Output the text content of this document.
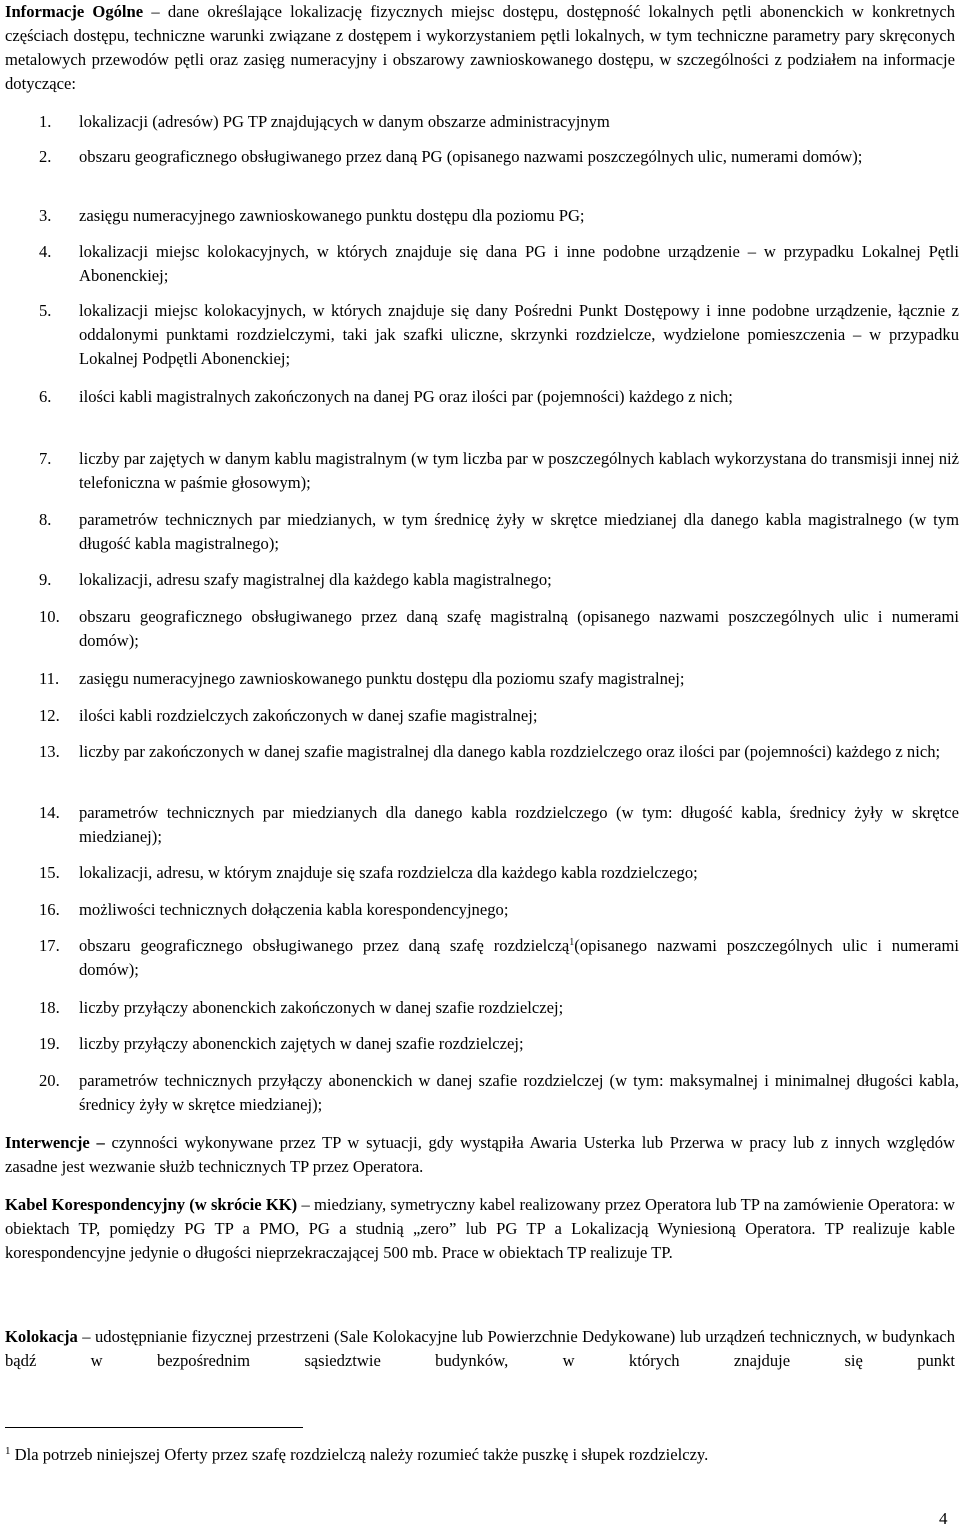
Informacje Ogólne – dane określające lokalizację fizycznych miejsc dostępu, dostępność lokalnych pętli abonenckich w konkretnych częściach dostępu, techniczne warunki związane z dostępem i wykorzystaniem pętli lokalnych, w tym techniczne parametry pary skręconych metalowych przewodów pętli oraz zasięg numeracyjny i obszarowy zawnioskowanego dostępu, w szczególności z podziałem na informacje dotyczące:
1.	lokalizacji (adresów) PG TP znajdujących w danym obszarze administracyjnym
2.	obszaru geograficznego obsługiwanego przez daną PG (opisanego nazwami poszczególnych ulic, numerami domów);
3.	zasięgu numeracyjnego zawnioskowanego punktu dostępu dla poziomu PG;
4.	lokalizacji miejsc kolokacyjnych, w których znajduje się dana PG i inne podobne urządzenie – w przypadku Lokalnej Pętli Abonenckiej;
5.	lokalizacji miejsc kolokacyjnych, w których znajduje się dany Pośredni Punkt Dostępowy i inne podobne urządzenie, łącznie z oddalonymi punktami rozdzielczymi, taki jak szafki uliczne, skrzynki rozdzielcze, wydzielone pomieszczenia – w przypadku Lokalnej Podpętli Abonenckiej;
6.	ilości kabli magistralnych zakończonych na danej PG oraz ilości par (pojemności) każdego z nich;
7.	liczby par zajętych w danym kablu magistralnym (w tym liczba par w poszczególnych kablach wykorzystana do transmisji innej niż telefoniczna w paśmie głosowym);
8.	parametrów technicznych par miedzianych, w tym średnicę żyły w skrętce miedzianej dla danego kabla magistralnego (w tym długość kabla magistralnego);
9.	lokalizacji, adresu szafy magistralnej dla każdego kabla magistralnego;
10.	obszaru geograficznego obsługiwanego przez daną szafę magistralną (opisanego nazwami poszczególnych ulic i numerami domów);
11.	zasięgu numeracyjnego zawnioskowanego punktu dostępu dla poziomu szafy magistralnej;
12.	ilości kabli rozdzielczych zakończonych w danej szafie magistralnej;
13.	liczby par zakończonych w danej szafie magistralnej dla danego kabla rozdzielczego oraz ilości par (pojemności) każdego z nich;
14.	parametrów technicznych par miedzianych dla danego kabla rozdzielczego (w tym: długość kabla, średnicy żyły w skrętce miedzianej);
15.	lokalizacji, adresu, w którym znajduje się szafa rozdzielcza dla każdego kabla rozdzielczego;
16.	możliwości technicznych dołączenia kabla korespondencyjnego;
17.	obszaru geograficznego obsługiwanego przez daną szafę rozdzielczą$^1$(opisanego nazwami poszczególnych ulic i numerami domów);
18.	liczby przyłączy abonenckich zakończonych w danej szafie rozdzielczej;
19.	liczby przyłączy abonenckich zajętych w danej szafie rozdzielczej;
20.	parametrów technicznych przyłączy abonenckich w danej szafie rozdzielczej (w tym: maksymalnej i minimalnej długości kabla, średnicy żyły w skrętce miedzianej);
Interwencje – czynności wykonywane przez TP w sytuacji, gdy wystąpiła Awaria Usterka lub Przerwa w pracy lub z innych względów zasadne jest wezwanie służb technicznych TP przez Operatora.
Kabel Korespondencyjny (w skrócie KK) – miedziany, symetryczny kabel realizowany przez Operatora lub TP na zamówienie Operatora: w obiektach TP, pomiędzy PG TP a PMO, PG a studnią „zero” lub PG TP a Lokalizacją Wyniesioną Operatora. TP realizuje kable korespondencyjne jedynie o długości nieprzekraczającej 500 mb. Prace w obiektach TP realizuje TP.
Kolokacja – udostępnianie fizycznej przestrzeni (Sale Kolokacyjne lub Powierzchnie Dedykowane) lub urządzeń technicznych, w budynkach bądź w bezpośrednim sąsiedztwie budynków, w których znajduje się punkt
$^1$ Dla potrzeb niniejszej Oferty przez szafę rozdzielczą należy rozumieć także puszkę i słupek rozdzielczy.
4
